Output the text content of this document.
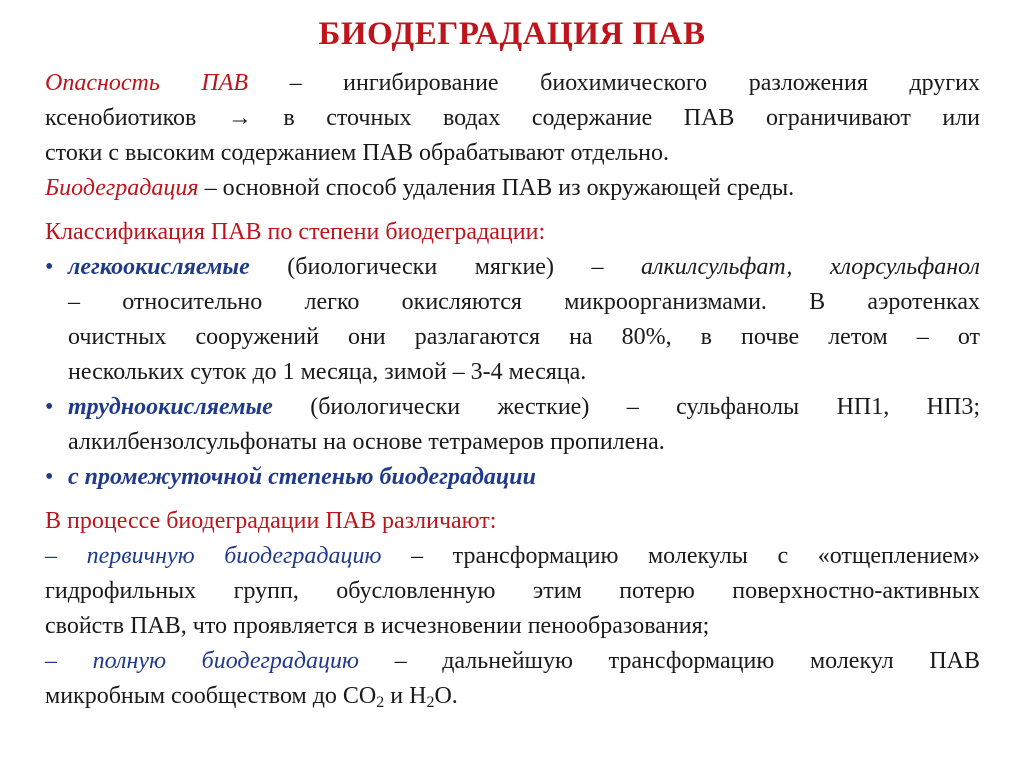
БИОДЕГРАДАЦИЯ ПАВ
Опасность ПАВ – ингибирование биохимического разложения других
ксенобиотиков → в сточных водах содержание ПАВ ограничивают или
стоки с высоким содержанием ПАВ обрабатывают отдельно.
Биодеградация – основной способ удаления ПАВ из окружающей среды.
Классификация ПАВ по степени биодеградации:
• легкоокисляемые (биологически мягкие) – алкилсульфат, хлорсульфанол
– относительно легко окисляются микроорганизмами. В аэротенках
очистных сооружений они разлагаются на 80%, в почве летом – от
нескольких суток до 1 месяца, зимой – 3-4 месяца.
• трудноокисляемые (биологически жесткие) – сульфанолы НП1, НП3;
алкилбензолсульфонаты на основе тетрамеров пропилена.
• с промежуточной степенью биодеградации
В процессе биодеградации ПАВ различают:
– первичную биодеградацию – трансформацию молекулы с «отщеплением»
гидрофильных групп, обусловленную этим потерю поверхностно-активных
свойств ПАВ, что проявляется в исчезновении пенообразования;
– полную биодеградацию – дальнейшую трансформацию молекул ПАВ
микробным сообществом до $CO_2$ и $H_2O$.
